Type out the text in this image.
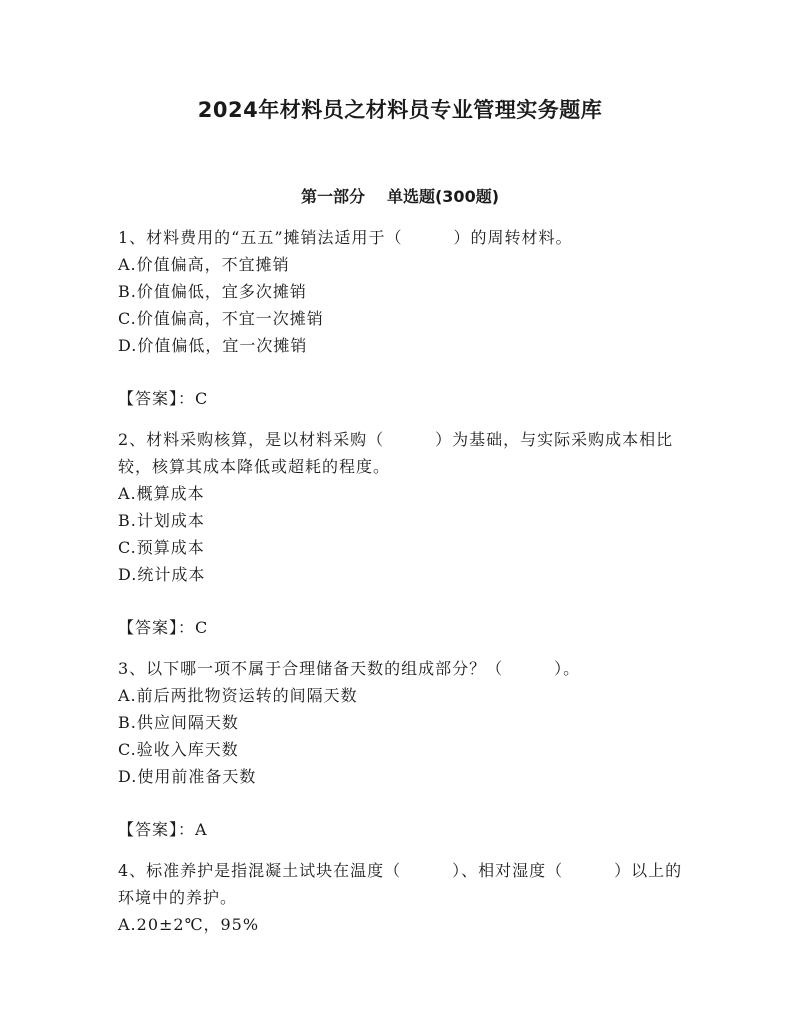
2024年材料员之材料员专业管理实务题库
第一部分 单选题(300题)

1、材料费用的“五五”摊销法适用于（　　　）的周转材料。

A.价值偏高，不宜摊销

B.价值偏低，宜多次摊销

C.价值偏高，不宜一次摊销

D.价值偏低，宜一次摊销

【答案】：C

2、材料采购核算，是以材料采购（　　　）为基础，与实际采购成本相比较，核算其成本降低或超耗的程度。

A.概算成本

B.计划成本

C.预算成本

D.统计成本

【答案】：C

3、以下哪一项不属于合理储备天数的组成部分？（　　　）。

A.前后两批物资运转的间隔天数

B.供应间隔天数

C.验收入库天数

D.使用前准备天数

【答案】：A

4、标准养护是指混凝土试块在温度（　　　）、相对湿度（　　　）以上的环境中的养护。

A.20±2℃，95%
